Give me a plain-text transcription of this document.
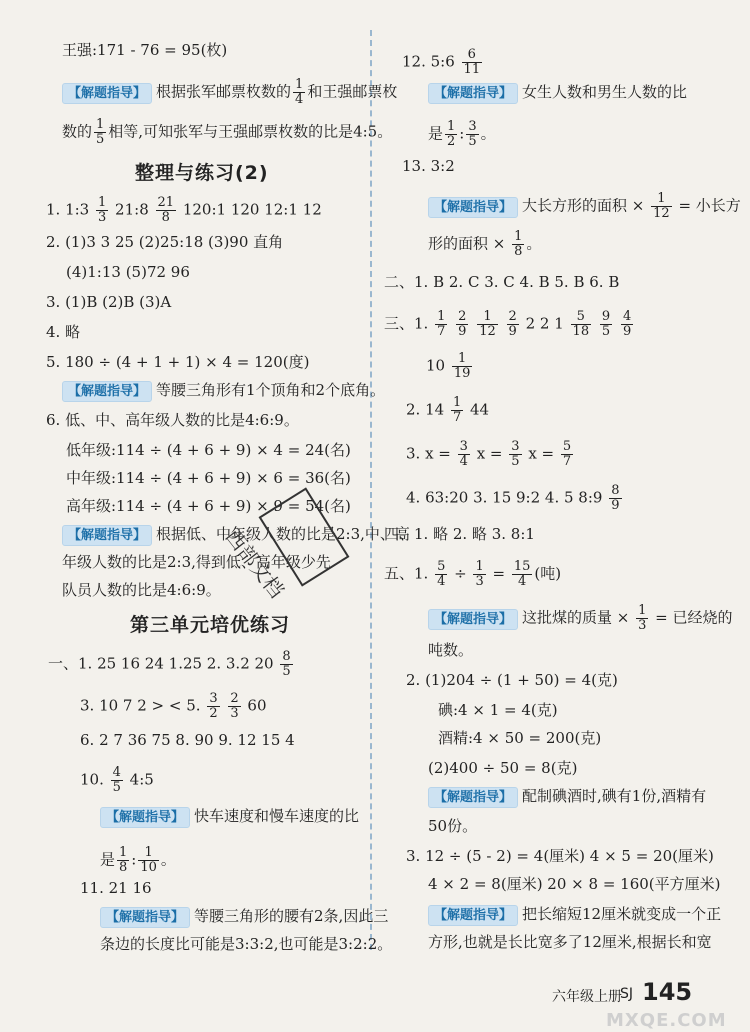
王强:171 - 76 = 95(枚)
【解题指导】 根据张军邮票枚数的 $\frac{1}{4}$ 和王强邮票枚
数的 $\frac{1}{5}$ 相等,可知张军与王强邮票枚数的比是4:5。
整理与练习(2)
1. 1:3 $\frac{1}{3}$ 21:8 $\frac{21}{8}$ 120:1 120 12:1 12
2. (1)3 3 25 (2)25:18 (3)90 直角
(4)1:13 (5)72 96
3. (1)B (2)B (3)A
4. 略
5. 180 ÷ (4 + 1 + 1) × 4 = 120(度)
【解题指导】 等腰三角形有1个顶角和2个底角。
6. 低、中、高年级人数的比是4:6:9。
低年级:114 ÷ (4 + 6 + 9) × 4 = 24(名)
中年级:114 ÷ (4 + 6 + 9) × 6 = 36(名)
高年级:114 ÷ (4 + 6 + 9) × 9 = 54(名)
【解题指导】 根据低、中年级人数的比是2:3,中、高
年级人数的比是2:3,得到低、高年级少先
队员人数的比是4:6:9。
第三单元培优练习
一、1. 25 16 24 1.25 2. 3.2 $20 \frac{8}{5}$
3. 10 7 2 > < 5. $\frac{3}{2}$
$\frac{2}{3} 60$
6. 2 7 36 75 8. 90 9. 12 15 4
10. $\frac{4}{5}$ 4:5
【解题指导】 快车速度和慢车速度的比
是 $\frac{1}{8}$ : $\frac{1}{10}$ 。
11. 21 16
【解题指导】 等腰三角形的腰有2条,因此三
条边的长度比可能是3:3:2,也可能是3:2:2。
12. 5:6 $\frac{6}{11}$
【解题指导】 女生人数和男生人数的比
是 $\frac{1}{2}$ : $\frac{3}{5}$ 。
13. 3:2
【解题指导】 大长方形的面积 × $\frac{1}{12}$ = 小长方
形的面积 × $\frac{1}{8}$ 。
二、1. B 2. C 3. C 4. B 5. B 6. B
三、1. $\frac{1}{7}$
$\frac{2}{9}$
$\frac{1}{12}$
$\frac{2}{9} 2$ 2 $1 \frac{5}{18}$
$\frac{9}{5}$
$\frac{4}{9}$
$10 \frac{1}{19}$
2. $14 \frac{1}{7} 44$
3. $x = \frac{3}{4}$ $x = \frac{3}{5}$ $x = \frac{5}{7}$
4. 63:20 3. 15 9:2 4. 5 8:9 $\frac{8}{9}$
四、1. 略 2. 略 3. 8:1
五、1. $\frac{5}{4} \div \frac{1}{3} = \frac{15}{4}$ (吨)
【解题指导】 这批煤的质量 × $\frac{1}{3}$ = 已经烧的
吨数。
2. (1)204 ÷ (1 + 50) = 4(克)
碘:4 × 1 = 4(克)
酒精:4 × 50 = 200(克)
(2)400 ÷ 50 = 8(克)
【解题指导】 配制碘酒时,碘有1份,酒精有
50份。
3. 12 ÷ (5 - 2) = 4(厘米) 4 × 5 = 20(厘米)
4 × 2 = 8(厘米) 20 × 8 = 160(平方厘米)
【解题指导】 把长缩短12厘米就变成一个正
方形,也就是长比宽多了12厘米,根据长和宽
六年级上册
SJ 145
西部文档
MXQE.COM
